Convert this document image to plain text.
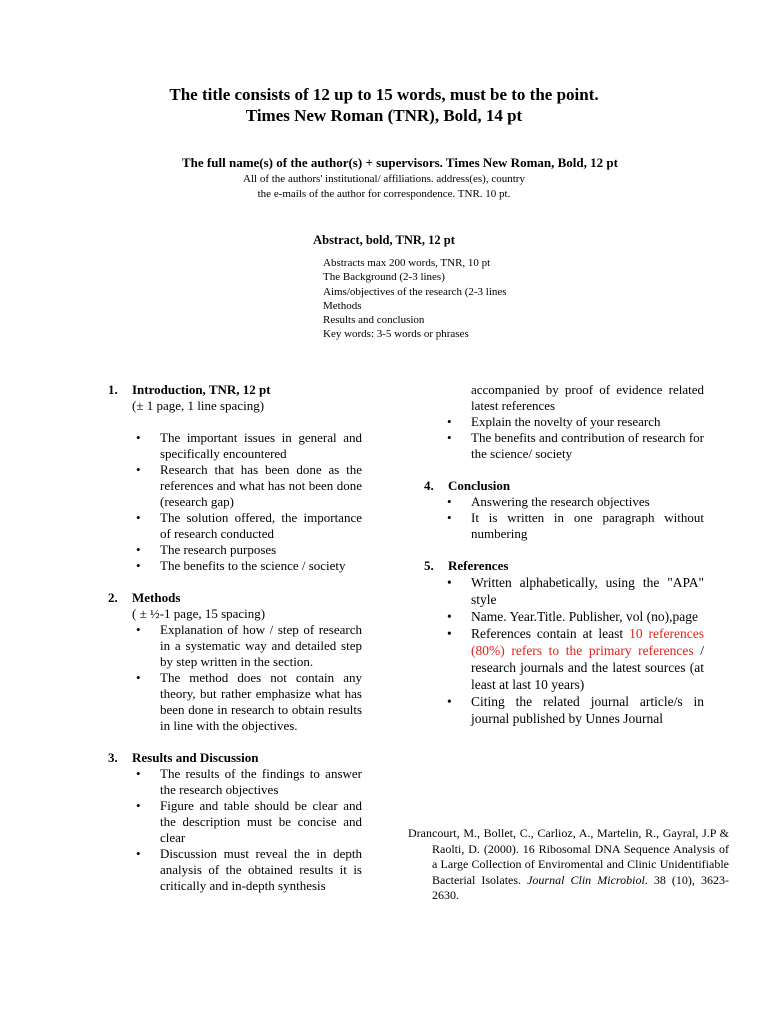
The title consists of 12 up to 15 words, must be to the point.
Times New Roman (TNR), Bold, 14 pt
The full name(s) of the author(s) + supervisors. Times New Roman, Bold, 12 pt
All of the authors' institutional/ affiliations. address(es), country
the e-mails of the author for correspondence. TNR. 10 pt.
Abstract, bold, TNR, 12 pt
Abstracts max 200 words, TNR, 10 pt
The Background (2-3 lines)
Aims/objectives of the research (2-3 lines
Methods
Results and conclusion
Key words: 3-5 words or phrases
1.	Introduction, TNR, 12 pt
(± 1 page, 1 line spacing)
• The important issues in general and specifically encountered
• Research that has been done as the references and what has not been done (research gap)
• The solution offered, the importance of research conducted
• The research purposes
• The benefits to the science / society
2.	Methods
( ± ½-1 page, 15 spacing)
• Explanation of how / step of research in a systematic way and detailed step by step written in the section.
• The method does not contain any theory, but rather emphasize what has been done in research to obtain results in line with the objectives.
3.	Results and Discussion
• The results of the findings to answer the research objectives
• Figure and table should be clear and the description must be concise and clear
• Discussion must reveal the in depth analysis of the obtained results it is critically and in-depth synthesis
accompanied by proof of evidence related latest references
• Explain the novelty of your research
• The benefits and contribution of research for the science/ society
4.	Conclusion
• Answering the research objectives
• It is written in one paragraph without numbering
5.	References
• Written alphabetically, using the "APA" style
• Name. Year.Title. Publisher, vol (no),page
• References contain at least 10 references (80%) refers to the primary references / research journals and the latest sources (at least at last 10 years)
• Citing the related journal article/s in journal published by Unnes Journal
Drancourt, M., Bollet, C., Carlioz, A., Martelin, R., Gayral, J.P & Raolti, D. (2000). 16 Ribosomal DNA Sequence Analysis of a Large Collection of Enviromental and Clinic Unidentifiable Bacterial Isolates. Journal Clin Microbiol. 38 (10), 3623-2630.
